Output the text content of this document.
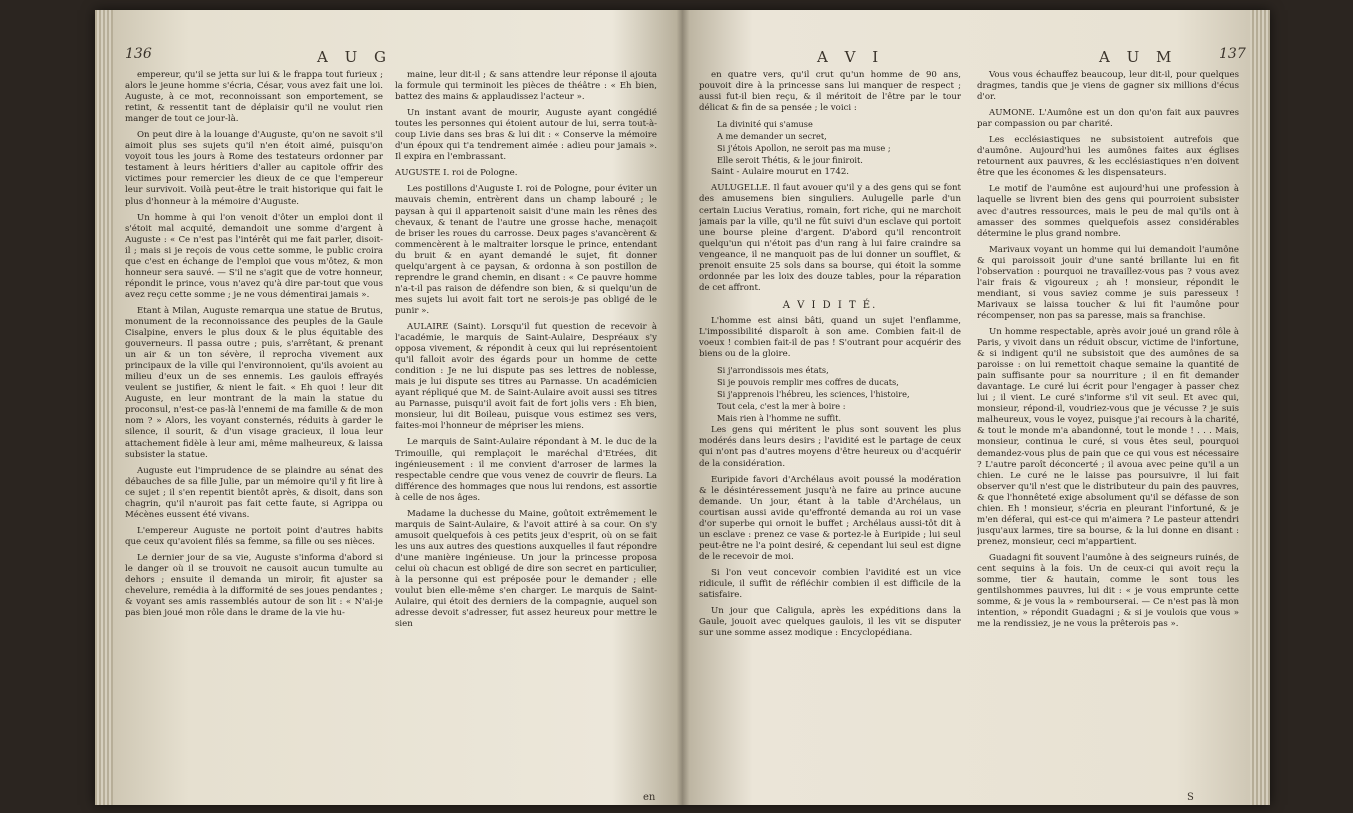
136	A U G

empereur, qu'il se jetta sur lui & le frappa tout furieux ; alors le jeune homme s'écria, César, vous avez fait une loi. Auguste, à ce mot, reconnoissant son emportement, se retint, & ressentit tant de déplaisir qu'il ne voulut rien manger de tout ce jour-là.

On peut dire à la louange d'Auguste, qu'on ne savoit s'il aimoit plus ses sujets qu'il n'en étoit aimé, puisqu'on voyoit tous les jours à Rome des testateurs ordonner par testament à leurs héritiers d'aller au capitole offrir des victimes pour remercier les dieux de ce que l'empereur leur survivoit. Voilà peut-être le trait historique qui fait le plus d'honneur à la mémoire d'Auguste.

Un homme à qui l'on venoit d'ôter un emploi dont il s'étoit mal acquité, demandoit une somme d'argent à Auguste : « Ce n'est pas l'intérêt qui me fait parler, disoit-il ; mais si je reçois de vous cette somme, le public croira que c'est en échange de l'emploi que vous m'ôtez, & mon honneur sera sauvé. — S'il ne s'agit que de votre honneur, répondit le prince, vous n'avez qu'à dire par-tout que vous avez reçu cette somme ; je ne vous démentirai jamais ».

Etant à Milan, Auguste remarqua une statue de Brutus, monument de la reconnoissance des peuples de la Gaule Cisalpine, envers le plus doux & le plus équitable des gouverneurs. Il passa outre ; puis, s'arrêtant, & prenant un air & un ton sévère, il reprocha vivement aux principaux de la ville qui l'environnoient, qu'ils avoient au milieu d'eux un de ses ennemis. Les gaulois effrayés veulent se justifier, & nient le fait. « Eh quoi ! leur dit Auguste, en leur montrant de la main la statue du proconsul, n'est-ce pas-là l'ennemi de ma famille & de mon nom ? » Alors, les voyant consternés, réduits à garder le silence, il sourit, & d'un visage gracieux, il loua leur attachement fidèle à leur ami, même malheureux, & laissa subsister la statue.

Auguste eut l'imprudence de se plaindre au sénat des débauches de sa fille Julie, par un mémoire qu'il y fit lire à ce sujet ; il s'en repentit bientôt après, & disoit, dans son chagrin, qu'il n'auroit pas fait cette faute, si Agrippa ou Mécènes eussent été vivans.

L'empereur Auguste ne portoit point d'autres habits que ceux qu'avoient filés sa femme, sa fille ou ses nièces.

Le dernier jour de sa vie, Auguste s'informa d'abord si le danger où il se trouvoit ne causoit aucun tumulte au dehors ; ensuite il demanda un miroir, fit ajuster sa chevelure, remédia à la difformité de ses joues pendantes ; & voyant ses amis rassemblés autour de son lit : « N'ai-je pas bien joué mon rôle dans le drame de la vie hu-

maine, leur dit-il ; & sans attendre leur réponse il ajouta la formule qui terminoit les pièces de théâtre : « Eh bien, battez des mains & applaudissez l'acteur ».

Un instant avant de mourir, Auguste ayant congédié toutes les personnes qui étoient autour de lui, serra tout-à-coup Livie dans ses bras & lui dit : « Conserve la mémoire d'un époux qui t'a tendrement aimée : adieu pour jamais ». Il expira en l'embrassant.

AUGUSTE I. roi de Pologne.

Les postillons d'Auguste I. roi de Pologne, pour éviter un mauvais chemin, entrèrent dans un champ labouré ; le paysan à qui il appartenoit saisit d'une main les rênes des chevaux, & tenant de l'autre une grosse hache, menaçoit de briser les roues du carrosse. Deux pages s'avancèrent & commencèrent à le maltraiter lorsque le prince, entendant du bruit & en ayant demandé le sujet, fit donner quelqu'argent à ce paysan, & ordonna à son postillon de reprendre le grand chemin, en disant : « Ce pauvre homme n'a-t-il pas raison de défendre son bien, & si quelqu'un de mes sujets lui avoit fait tort ne serois-je pas obligé de le punir ».

AULAIRE (Saint). Lorsqu'il fut question de recevoir à l'académie, le marquis de Saint-Aulaire, Despréaux s'y opposa vivement, & répondit à ceux qui lui représentoient qu'il falloit avoir des égards pour un homme de cette condition : Je ne lui dispute pas ses lettres de noblesse, mais je lui dispute ses titres au Parnasse. Un académicien ayant répliqué que M. de Saint-Aulaire avoit aussi ses titres au Parnasse, puisqu'il avoit fait de fort jolis vers : Eh bien, monsieur, lui dit Boileau, puisque vous estimez ses vers, faites-moi l'honneur de mépriser les miens.

Le marquis de Saint-Aulaire répondant à M. le duc de la Trimouille, qui remplaçoit le maréchal d'Etrées, dit ingénieusement : il me convient d'arroser de larmes la respectable cendre que vous venez de couvrir de fleurs. La différence des hommages que nous lui rendons, est assortie à celle de nos âges.

Madame la duchesse du Maine, goûtoit extrêmement le marquis de Saint-Aulaire, & l'avoit attiré à sa cour. On s'y amusoit quelquefois à ces petits jeux d'esprit, où on se fait les uns aux autres des questions auxquelles il faut répondre d'une manière ingénieuse. Un jour la princesse proposa celui où chacun est obligé de dire son secret en particulier, à la personne qui est préposée pour le demander ; elle voulut bien elle-même s'en charger. Le marquis de Saint-Aulaire, qui étoit des derniers de la compagnie, auquel son adresse devoit s'adresser, fut assez heureux pour mettre le sien

en
A V I	A U M	137

en quatre vers, qu'il crut qu'un homme de 90 ans, pouvoit dire à la princesse sans lui manquer de respect ; aussi fut-il bien reçu, & il méritoit de l'être par le tour délicat & fin de sa pensée ; le voici :

La divinité qui s'amuse

A me demander un secret,

Si j'étois Apollon, ne seroit pas ma muse ;

Elle seroit Thétis, & le jour finiroit.

Saint - Aulaire mourut en 1742.

AULUGELLE. Il faut avouer qu'il y a des gens qui se font des amusemens bien singuliers. Aulugelle parle d'un certain Lucius Veratius, romain, fort riche, qui ne marchoit jamais par la ville, qu'il ne fût suivi d'un esclave qui portoit une bourse pleine d'argent. D'abord qu'il rencontroit quelqu'un qui n'étoit pas d'un rang à lui faire craindre sa vengeance, il ne manquoit pas de lui donner un soufflet, & prenoit ensuite 25 sols dans sa bourse, qui étoit la somme ordonnée par les loix des douze tables, pour la réparation de cet affront.

A V I D I T É.

L'homme est ainsi bâti, quand un sujet l'enflamme, L'impossibilité disparoît à son ame. Combien fait-il de voeux ! combien fait-il de pas ! S'outrant pour acquérir des biens ou de la gloire.

Si j'arrondissois mes états,

Si je pouvois remplir mes coffres de ducats,

Si j'apprenois l'hébreu, les sciences, l'histoire,

Tout cela, c'est la mer à boire :

Mais rien à l'homme ne suffit.

Les gens qui méritent le plus sont souvent les plus modérés dans leurs desirs ; l'avidité est le partage de ceux qui n'ont pas d'autres moyens d'être heureux ou d'acquérir de la considération.

Euripide favori d'Archélaus avoit poussé la modération & le désintéressement jusqu'à ne faire au prince aucune demande. Un jour, étant à la table d'Archélaus, un courtisan aussi avide qu'effronté demanda au roi un vase d'or superbe qui ornoit le buffet ; Archélaus aussi-tôt dit à un esclave : prenez ce vase & portez-le à Euripide ; lui seul peut-être ne l'a point desiré, & cependant lui seul est digne de le recevoir de moi.

Si l'on veut concevoir combien l'avidité est un vice ridicule, il suffit de réfléchir combien il est difficile de la satisfaire.

Un jour que Caligula, après les expéditions dans la Gaule, jouoit avec quelques gaulois, il les vit se disputer sur une somme assez modique : Encyclopédiana.

Vous vous échauffez beaucoup, leur dit-il, pour quelques dragmes, tandis que je viens de gagner six millions d'écus d'or.

AUMONE. L'Aumône est un don qu'on fait aux pauvres par compassion ou par charité.

Les ecclésiastiques ne subsistoient autrefois que d'aumône. Aujourd'hui les aumônes faites aux églises retournent aux pauvres, & les ecclésiastiques n'en doivent être que les économes & les dispensateurs.

Le motif de l'aumône est aujourd'hui une profession à laquelle se livrent bien des gens qui pourroient subsister avec d'autres ressources, mais le peu de mal qu'ils ont à amasser des sommes quelquefois assez considérables détermine le plus grand nombre.

Marivaux voyant un homme qui lui demandoit l'aumône & qui paroissoit jouir d'une santé brillante lui en fit l'observation : pourquoi ne travaillez-vous pas ? vous avez l'air frais & vigoureux ; ah ! monsieur, répondit le mendiant, si vous saviez comme je suis paresseux ! Marivaux se laissa toucher & lui fit l'aumône pour récompenser, non pas sa paresse, mais sa franchise.

Un homme respectable, après avoir joué un grand rôle à Paris, y vivoit dans un réduit obscur, victime de l'infortune, & si indigent qu'il ne subsistoit que des aumônes de sa paroisse : on lui remettoit chaque semaine la quantité de pain suffisante pour sa nourriture ; il en fit demander davantage. Le curé lui écrit pour l'engager à passer chez lui ; il vient. Le curé s'informe s'il vit seul. Et avec qui, monsieur, répond-il, voudriez-vous que je vécusse ? je suis malheureux, vous le voyez, puisque j'ai recours à la charité, & tout le monde m'a abandonné, tout le monde ! . . . Mais, monsieur, continua le curé, si vous êtes seul, pourquoi demandez-vous plus de pain que ce qui vous est nécessaire ? L'autre paroît déconcerté ; il avoua avec peine qu'il a un chien. Le curé ne le laisse pas poursuivre, il lui fait observer qu'il n'est que le distributeur du pain des pauvres, & que l'honnêteté exige absolument qu'il se défasse de son chien. Eh ! monsieur, s'écria en pleurant l'infortuné, & je m'en déferai, qui est-ce qui m'aimera ? Le pasteur attendri jusqu'aux larmes, tire sa bourse, & la lui donne en disant : prenez, monsieur, ceci m'appartient.

Guadagni fit souvent l'aumône à des seigneurs ruinés, de cent sequins à la fois. Un de ceux-ci qui avoit reçu la somme, tier & hautain, comme le sont tous les gentilshommes pauvres, lui dit : « je vous emprunte cette somme, & je vous la » rembourserai. — Ce n'est pas là mon intention, » répondit Guadagni ; & si je voulois que vous » me la rendissiez, je ne vous la prêterois pas ».

S
